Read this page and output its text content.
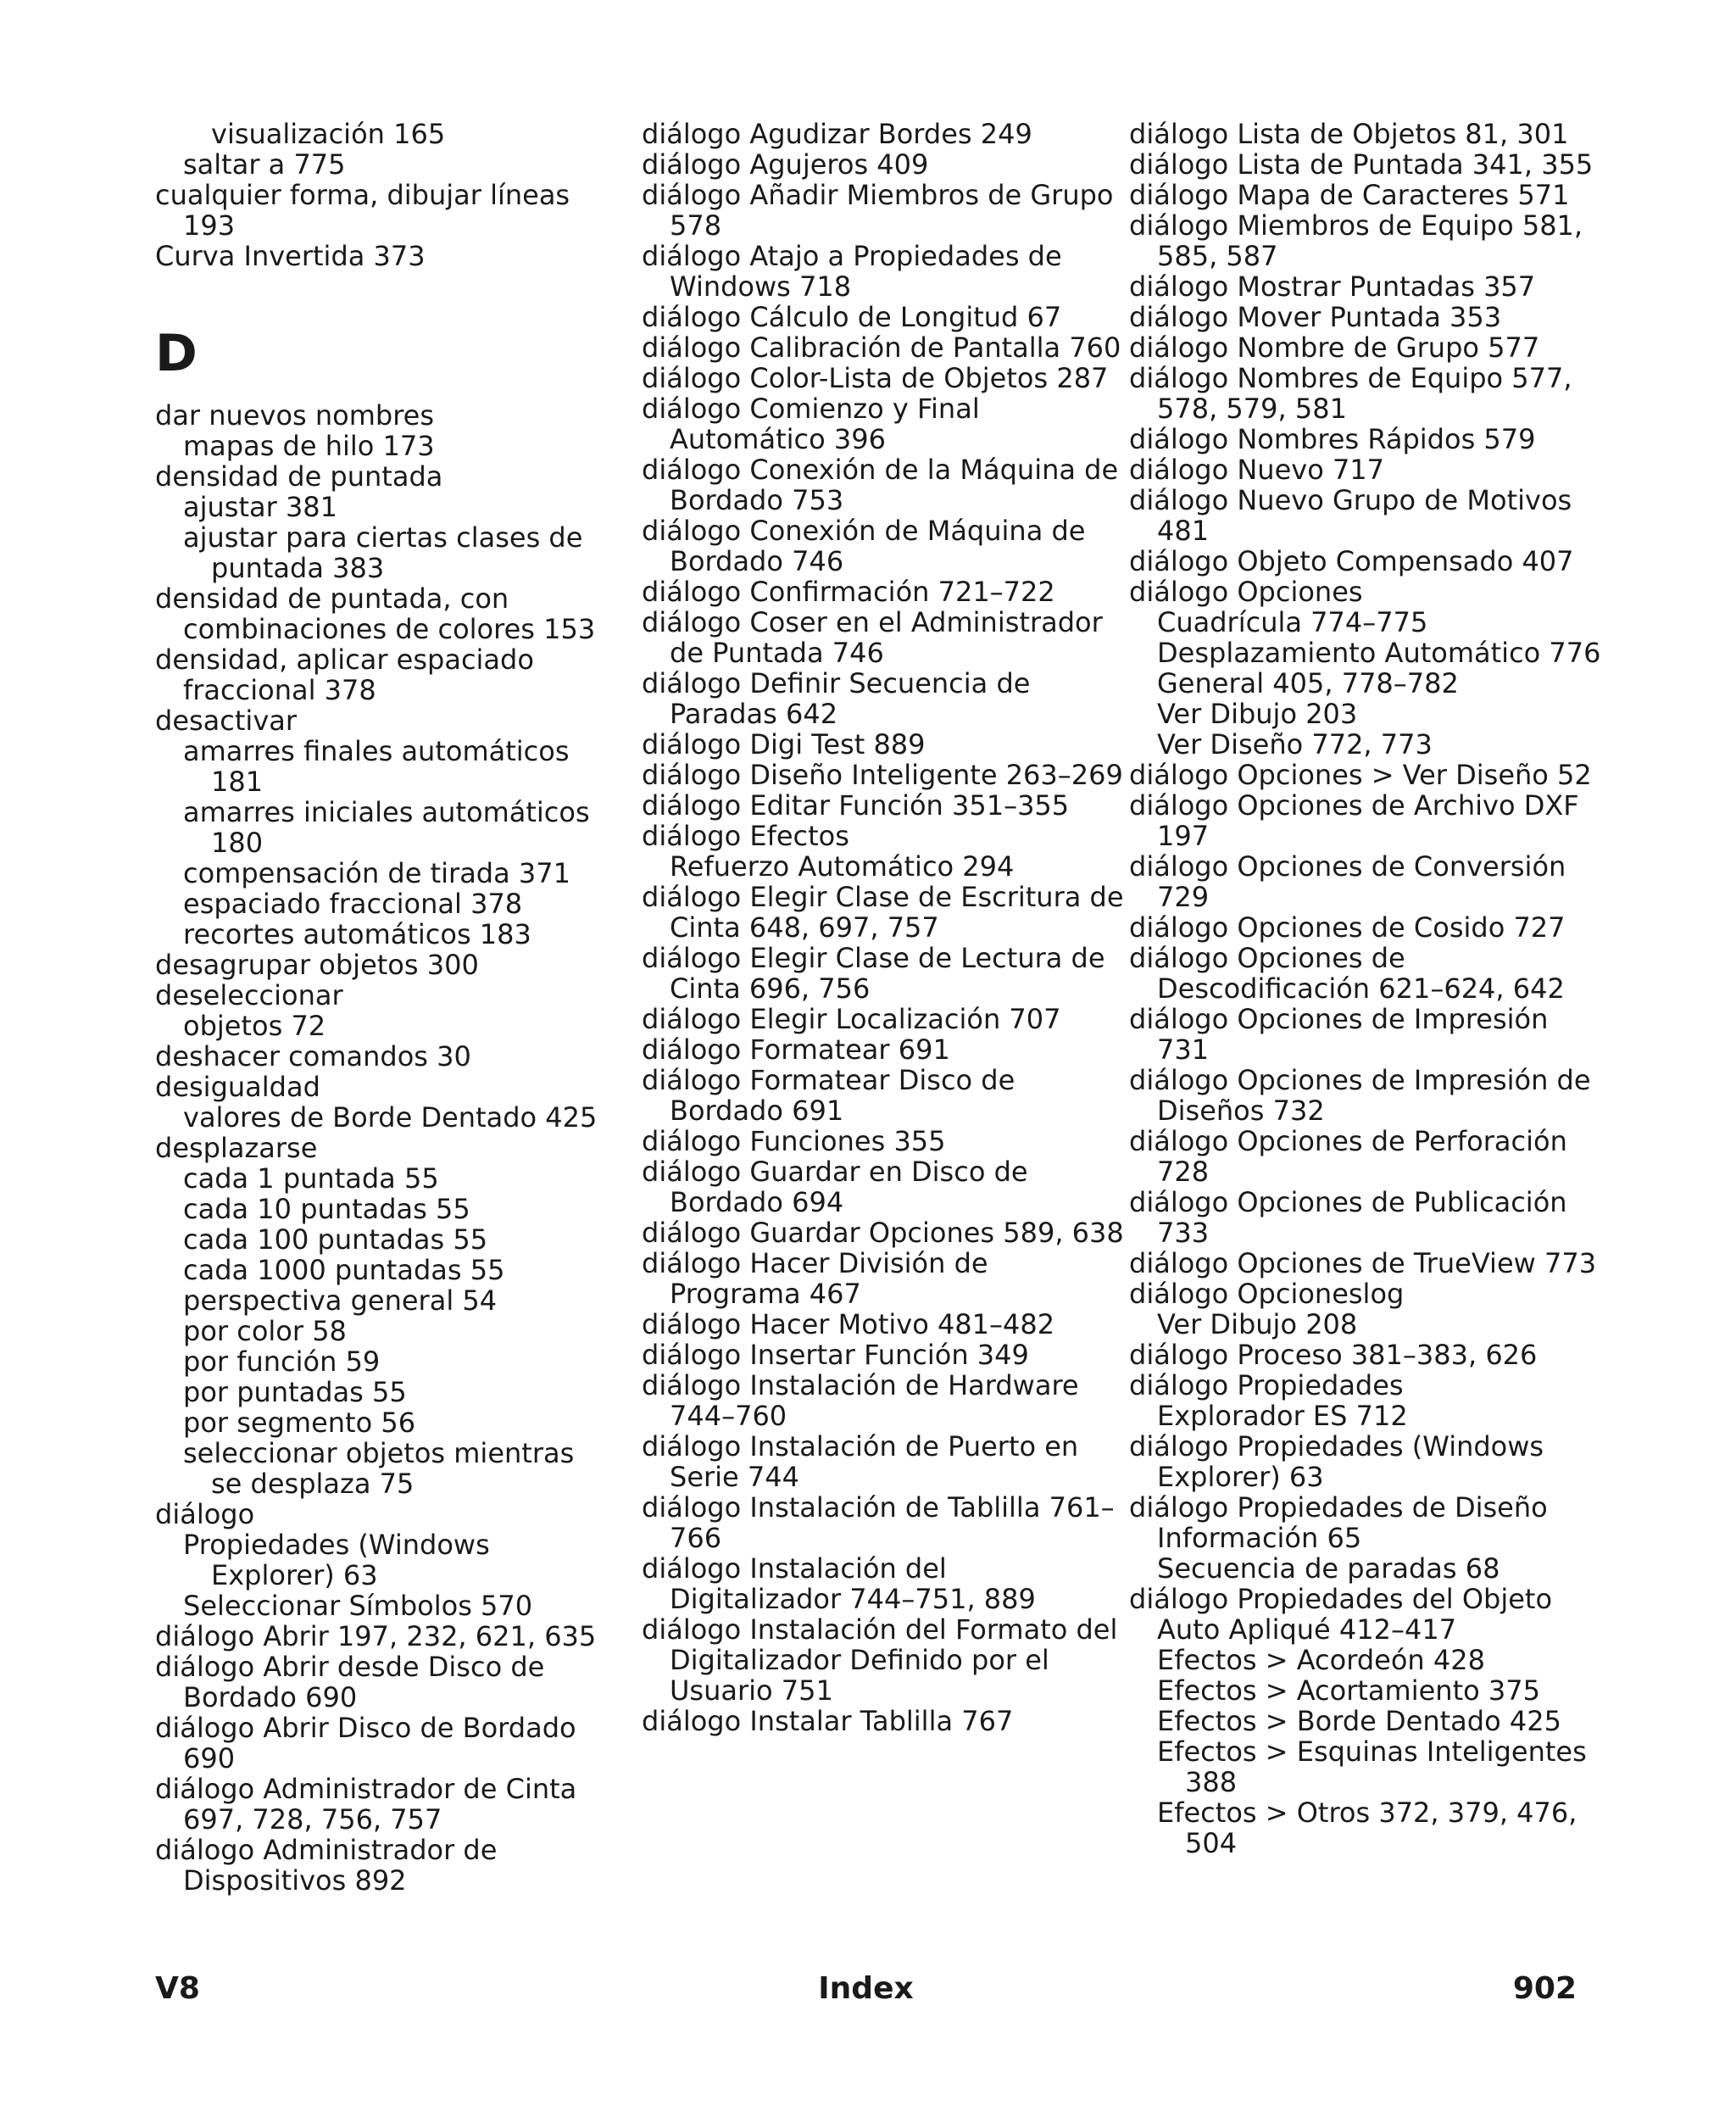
visualización 165
saltar a 775
cualquier forma, dibujar líneas 193
Curva Invertida 373
D
dar nuevos nombres
mapas de hilo 173
densidad de puntada
ajustar 381
ajustar para ciertas clases de puntada 383
densidad de puntada, con
combinaciones de colores 153
densidad, aplicar espaciado fraccional 378
desactivar
amarres finales automáticos 181
amarres iniciales automáticos 180
compensación de tirada 371
espaciado fraccional 378
recortes automáticos 183
desagrupar objetos 300
deseleccionar
objetos 72
deshacer comandos 30
desigualdad
valores de Borde Dentado 425
desplazarse
cada 1 puntada 55
cada 10 puntadas 55
cada 100 puntadas 55
cada 1000 puntadas 55
perspectiva general 54
por color 58
por función 59
por puntadas 55
por segmento 56
seleccionar objetos mientras se desplaza 75
diálogo
Propiedades (Windows Explorer) 63
Seleccionar Símbolos 570
diálogo Abrir 197, 232, 621, 635
diálogo Abrir desde Disco de Bordado 690
diálogo Abrir Disco de Bordado 690
diálogo Administrador de Cinta 697, 728, 756, 757
diálogo Administrador de Dispositivos 892
diálogo Agudizar Bordes 249
diálogo Agujeros 409
diálogo Añadir Miembros de Grupo 578
diálogo Atajo a Propiedades de Windows 718
diálogo Cálculo de Longitud 67
diálogo Calibración de Pantalla 760
diálogo Color-Lista de Objetos 287
diálogo Comienzo y Final Automático 396
diálogo Conexión de la Máquina de Bordado 753
diálogo Conexión de Máquina de Bordado 746
diálogo Confirmación 721–722
diálogo Coser en el Administrador de Puntada 746
diálogo Definir Secuencia de Paradas 642
diálogo Digi Test 889
diálogo Diseño Inteligente 263–269
diálogo Editar Función 351–355
diálogo Efectos
Refuerzo Automático 294
diálogo Elegir Clase de Escritura de Cinta 648, 697, 757
diálogo Elegir Clase de Lectura de Cinta 696, 756
diálogo Elegir Localización 707
diálogo Formatear 691
diálogo Formatear Disco de Bordado 691
diálogo Funciones 355
diálogo Guardar en Disco de Bordado 694
diálogo Guardar Opciones 589, 638
diálogo Hacer División de Programa 467
diálogo Hacer Motivo 481–482
diálogo Insertar Función 349
diálogo Instalación de Hardware 744–760
diálogo Instalación de Puerto en Serie 744
diálogo Instalación de Tablilla 761–766
diálogo Instalación del Digitalizador 744–751, 889
diálogo Instalación del Formato del Digitalizador Definido por el Usuario 751
diálogo Instalar Tablilla 767
diálogo Lista de Objetos 81, 301
diálogo Lista de Puntada 341, 355
diálogo Mapa de Caracteres 571
diálogo Miembros de Equipo 581, 585, 587
diálogo Mostrar Puntadas 357
diálogo Mover Puntada 353
diálogo Nombre de Grupo 577
diálogo Nombres de Equipo 577, 578, 579, 581
diálogo Nombres Rápidos 579
diálogo Nuevo 717
diálogo Nuevo Grupo de Motivos 481
diálogo Objeto Compensado 407
diálogo Opciones
Cuadrícula 774–775
Desplazamiento Automático 776
General 405, 778–782
Ver Dibujo 203
Ver Diseño 772, 773
diálogo Opciones > Ver Diseño 52
diálogo Opciones de Archivo DXF 197
diálogo Opciones de Conversión 729
diálogo Opciones de Cosido 727
diálogo Opciones de Descodificación 621–624, 642
diálogo Opciones de Impresión 731
diálogo Opciones de Impresión de Diseños 732
diálogo Opciones de Perforación 728
diálogo Opciones de Publicación 733
diálogo Opciones de TrueView 773
diálogo Opcioneslog
Ver Dibujo 208
diálogo Proceso 381–383, 626
diálogo Propiedades
Explorador ES 712
diálogo Propiedades (Windows Explorer) 63
diálogo Propiedades de Diseño
Información 65
Secuencia de paradas 68
diálogo Propiedades del Objeto
Auto Apliqué 412–417
Efectos > Acordeón 428
Efectos > Acortamiento 375
Efectos > Borde Dentado 425
Efectos > Esquinas Inteligentes 388
Efectos > Otros 372, 379, 476, 504
V8	Index	902
